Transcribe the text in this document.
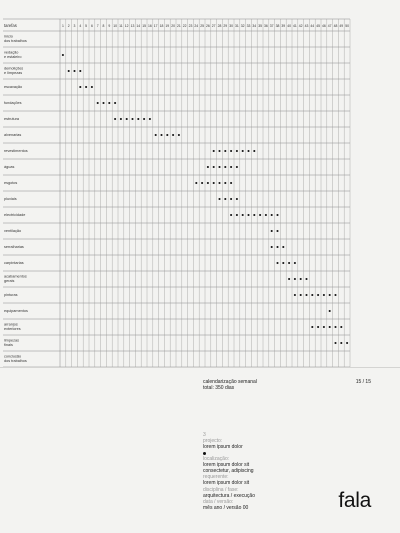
tarefas	1 2 3 4 5 6 7 8 9 10 11 12 13 14 15 16 17 18 19 20 21 22 23 24 25 26 27 28 29 30 31 32 33 34 35 36 37 38 39 40 41 42 43 44 45 46 47 48 49 50
início
dos trabalhos
vedação
e estaleiro
demolições
e limpezas
escavação
fundações
estrutura
alvenarias
revestimentos
águas
esgotos
pluviais
electricidade
ventilação
serralharias
carpintarias
acabamentos
gerais
pinturas
equipamentos
arranjos
exteriores
limpezas
finais
conclusão
dos trabalhos
calendarização semanal
total: 350 dias
15 / 15
3
projecto:
lorem ipsum dolor
localização:
lorem ipsum dolor sit
consectetur, adipiscing
requerente:
lorem ipsum dolor sit
disciplina / fase:
arquitectura / execução
data / versão:
mês ano / versão 00	fala
